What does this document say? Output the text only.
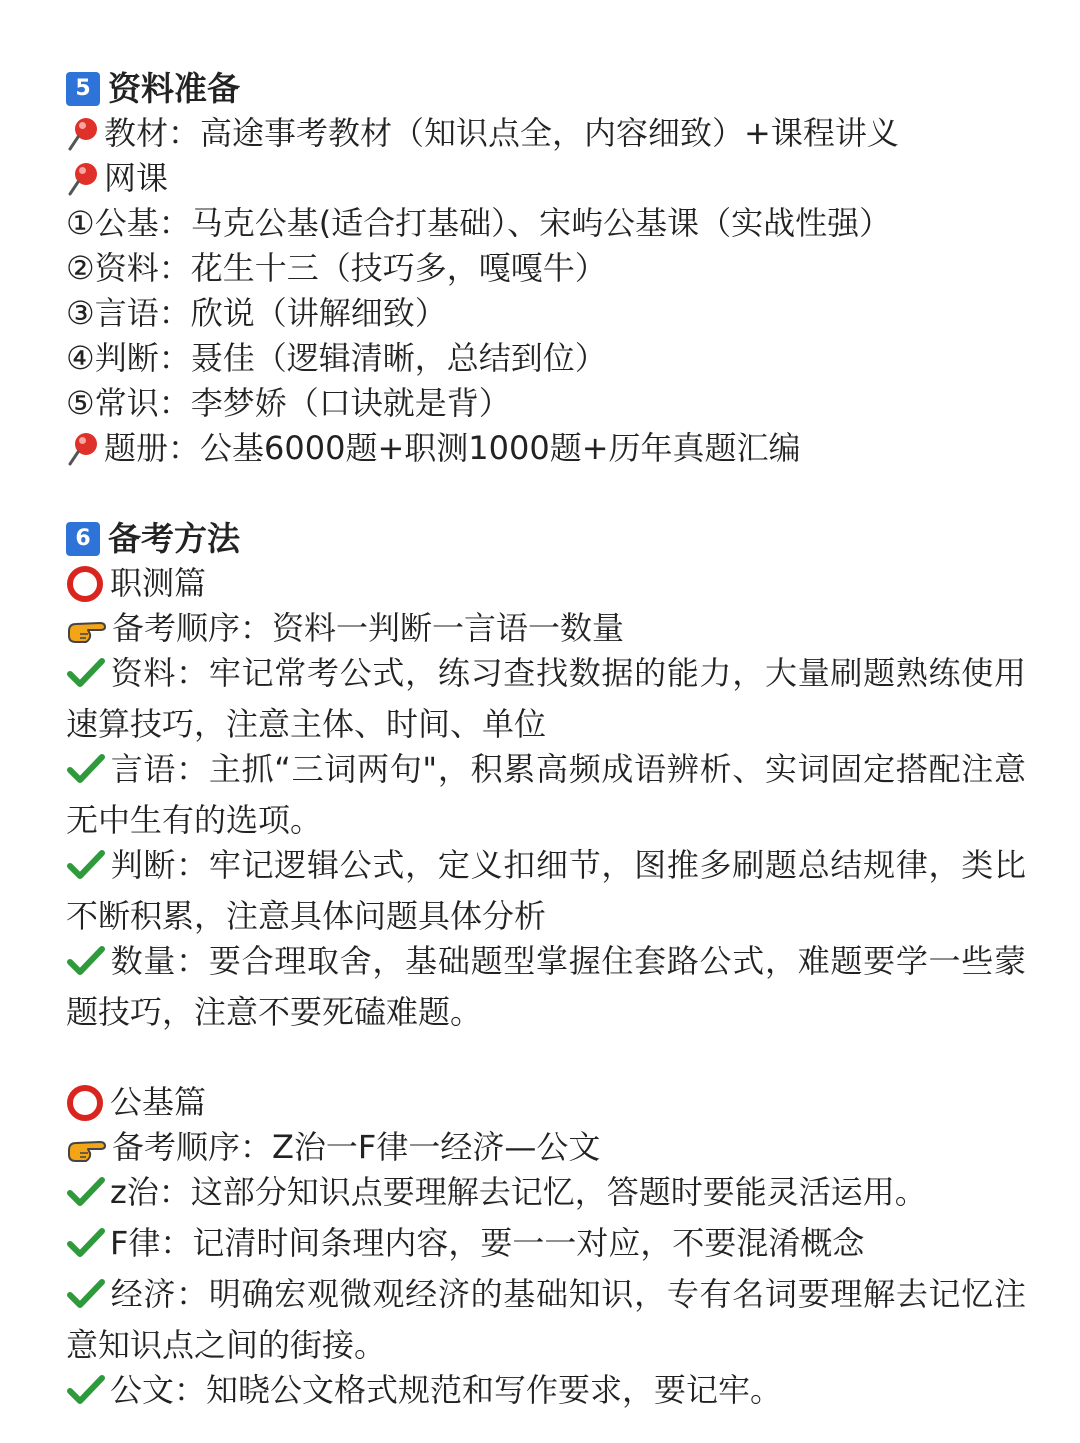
5 资料准备
教材：高途事考教材（知识点全，内容细致）+课程讲义
网课
①公基：马克公基(适合打基础）、宋屿公基课（实战性强）
②资料：花生十三（技巧多，嘎嘎牛）
③言语：欣说（讲解细致）
④判断：聂佳（逻辑清晰，总结到位）
⑤常识：李梦娇（口诀就是背）
题册：公基6000题+职测1000题+历年真题汇编
6 备考方法
职测篇
备考顺序：资料一判断一言语一数量
资料：牢记常考公式，练习查找数据的能力，大量刷题熟练使用速算技巧，注意主体、时间、单位
言语：主抓“三词两句"，积累高频成语辨析、实词固定搭配注意无中生有的选项。
判断：牢记逻辑公式，定义扣细节，图推多刷题总结规律，类比不断积累，注意具体问题具体分析
数量：要合理取舍，基础题型掌握住套路公式，难题要学一些蒙题技巧，注意不要死磕难题。
公基篇
备考顺序：Z治一F律一经济—公文
z治：这部分知识点要理解去记忆，答题时要能灵活运用。
F律：记清时间条理内容，要一一对应，不要混淆概念
经济：明确宏观微观经济的基础知识，专有名词要理解去记忆注意知识点之间的街接。
公文：知晓公文格式规范和写作要求，要记牢。
